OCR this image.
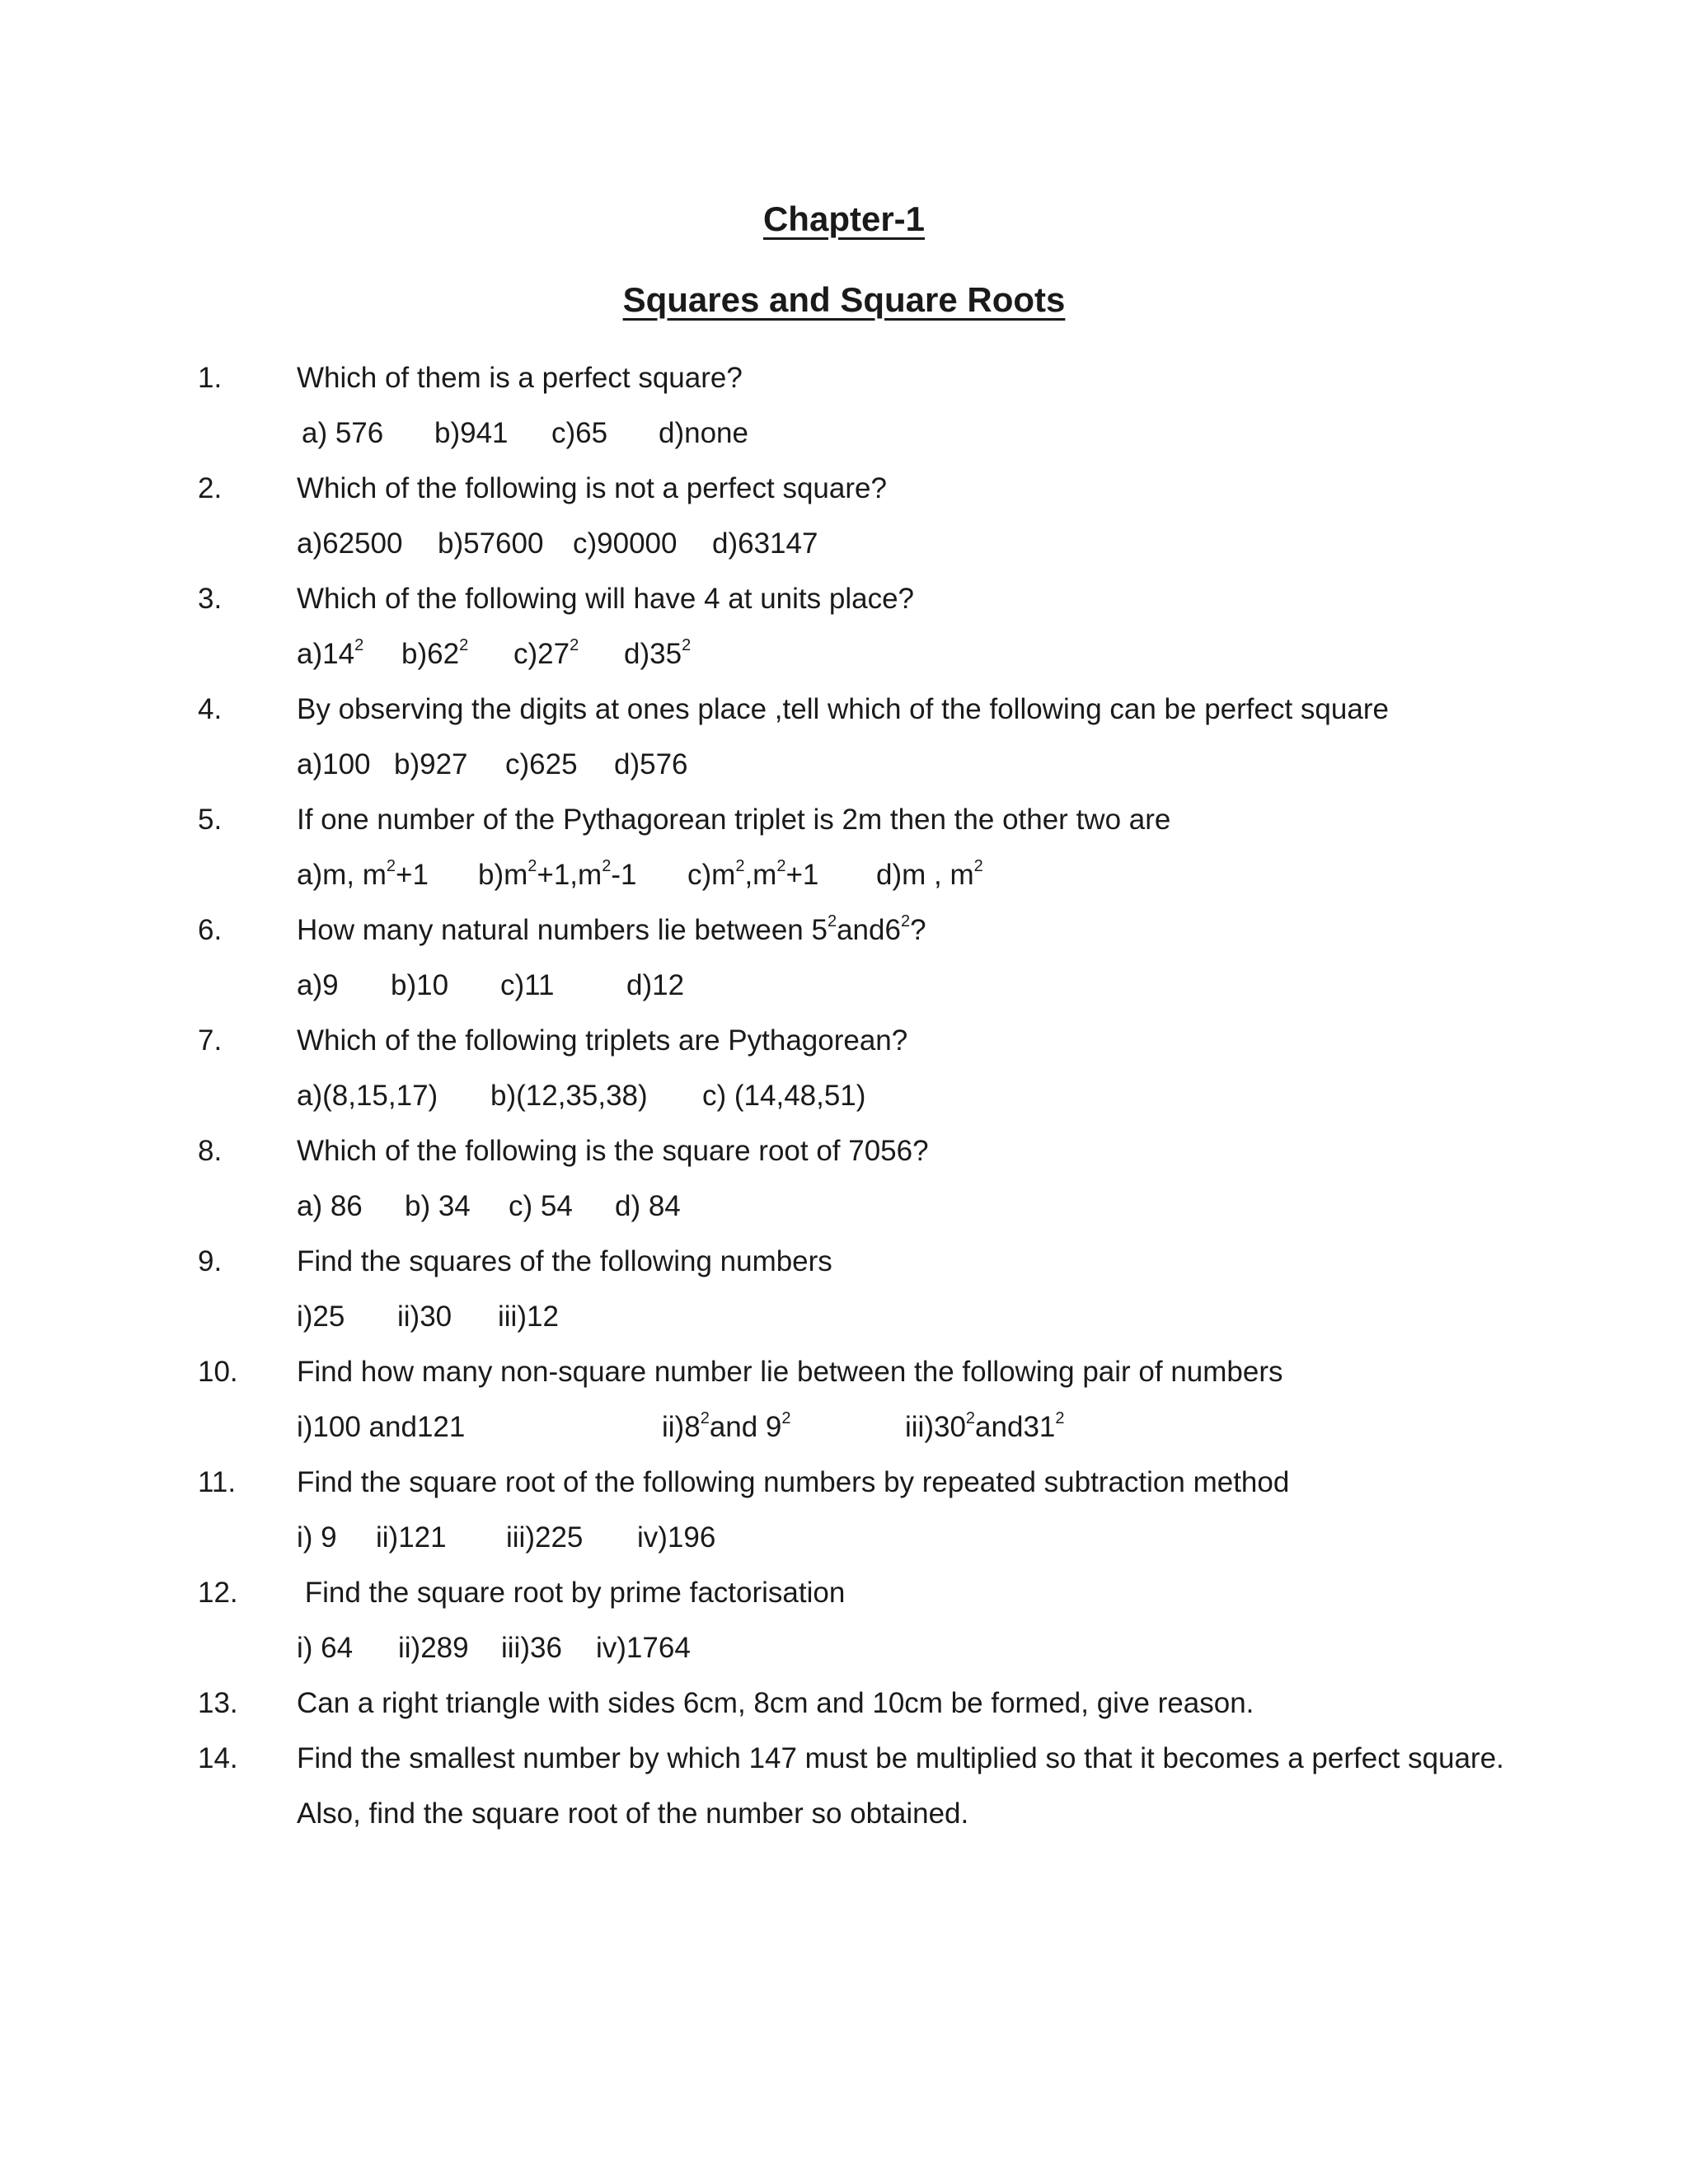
Chapter-1
Squares and Square Roots
1.	Which of them is a perfect square?
a) 576 b)941 c)65 d)none
2.	Which of the following is not a perfect square?
a)62500 b)57600 c)90000 d)63147
3.	Which of the following will have 4 at units place?
$a)14^2$ $b)62^2$ $c)27^2$ $d)35^2$
4.	By observing the digits at ones place ,tell which of the following can be perfect square
a)100 b)927 c)625 d)576
5.	If one number of the Pythagorean triplet is 2m then the other two are
a)m, $m^2+1$ $b)m^2+1,m^2-1$ $c)m^2,m^2+1$ d)m , $m^2$
6.	How many natural numbers lie between $5^2and6^2$?
a)9 b)10 c)11	d)12
7.	Which of the following triplets are Pythagorean?
a)(8,15,17) b)(12,35,38) c) (14,48,51)
8.	Which of the following is the square root of 7056?
a) 86 b) 34 c) 54 d) 84
9.	Find the squares of the following numbers
i)25 ii)30 iii)12
10. Find how many non-square number lie between the following pair of numbers
i)100 and121	$ii)8^2and$ $9^2$	$iii)30^2and31^2$
11. Find the square root of the following numbers by repeated subtraction method
i) 9 ii)121 iii)225 iv)196
12. Find the square root by prime factorisation
i) 64 ii)289 iii)36 iv)1764
13. Can a right triangle with sides 6cm, 8cm and 10cm be formed, give reason.
14. Find the smallest number by which 147 must be multiplied so that it becomes a perfect square.
Also, find the square root of the number so obtained.
